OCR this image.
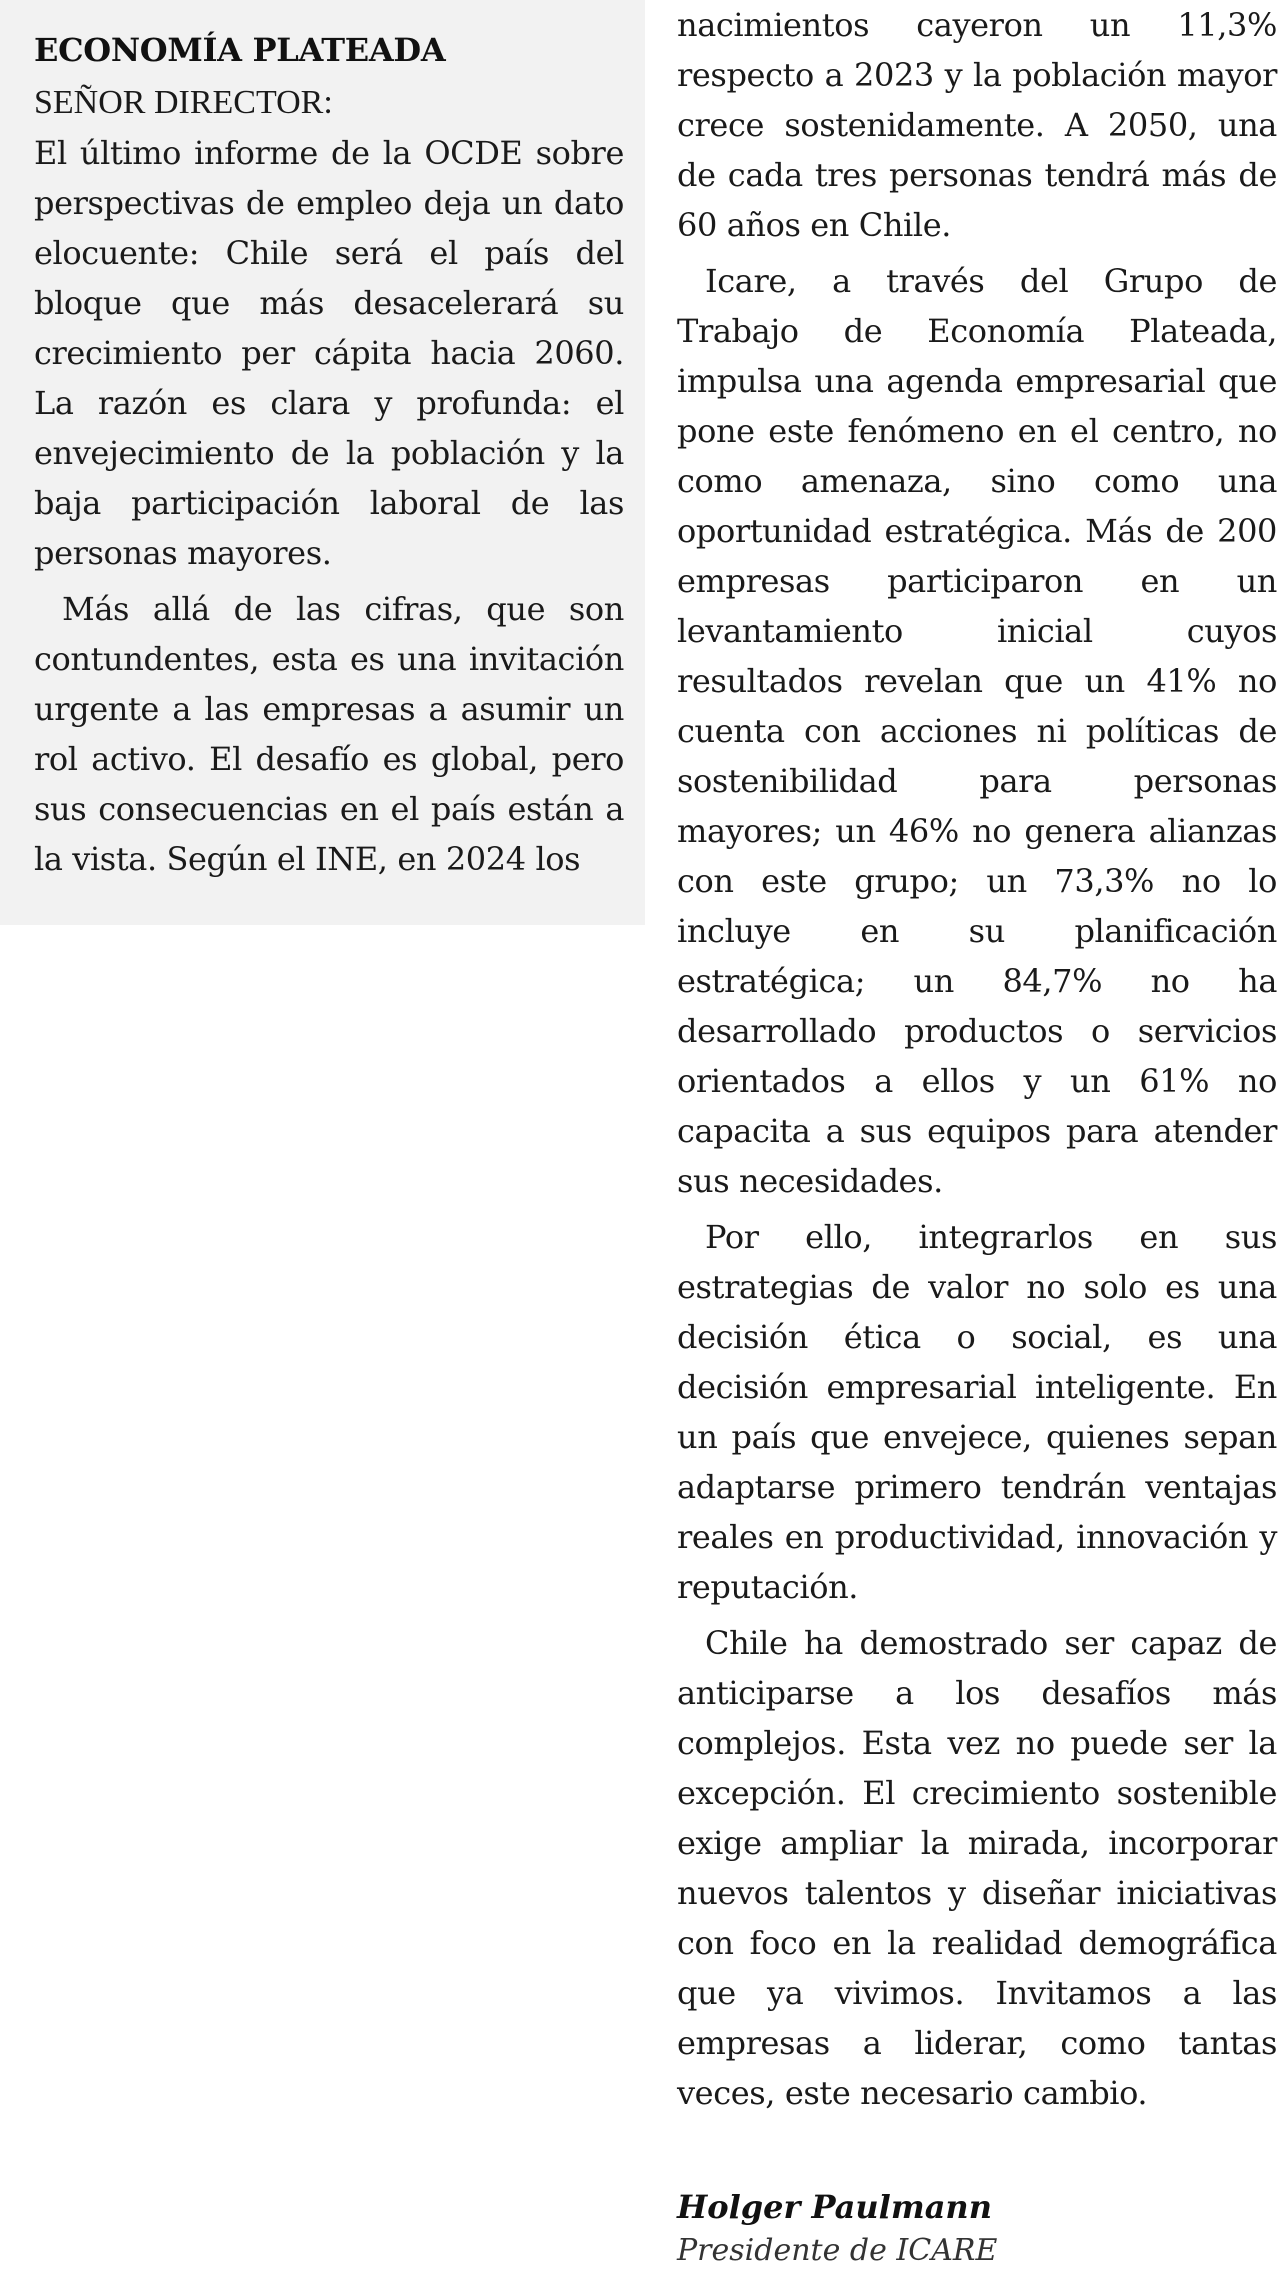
ECONOMÍA PLATEADA

SEÑOR DIRECTOR:

El último informe de la OCDE sobre perspectivas de empleo deja un dato elocuente: Chile será el país del bloque que más desacelerará su crecimiento per cápita hacia 2060. La razón es clara y profunda: el envejecimiento de la población y la baja participación laboral de las personas mayores.

Más allá de las cifras, que son contundentes, esta es una invitación urgente a las empresas a asumir un rol activo. El desafío es global, pero sus consecuencias en el país están a la vista. Según el INE, en 2024 los

nacimientos cayeron un 11,3% respecto a 2023 y la población mayor crece sostenidamente. A 2050, una de cada tres personas tendrá más de 60 años en Chile.

Icare, a través del Grupo de Trabajo de Economía Plateada, impulsa una agenda empresarial que pone este fenómeno en el centro, no como amenaza, sino como una oportunidad estratégica. Más de 200 empresas participaron en un levantamiento inicial cuyos resultados revelan que un 41% no cuenta con acciones ni políticas de sostenibilidad para personas mayores; un 46% no genera alianzas con este grupo; un 73,3% no lo incluye en su planificación estratégica; un 84,7% no ha desarrollado productos o servicios orientados a ellos y un 61% no capacita a sus equipos para atender sus necesidades.

Por ello, integrarlos en sus estrategias de valor no solo es una decisión ética o social, es una decisión empresarial inteligente. En un país que envejece, quienes sepan adaptarse primero tendrán ventajas reales en productividad, innovación y reputación.

Chile ha demostrado ser capaz de anticiparse a los desafíos más complejos. Esta vez no puede ser la excepción. El crecimiento sostenible exige ampliar la mirada, incorporar nuevos talentos y diseñar iniciativas con foco en la realidad demográfica que ya vivimos. Invitamos a las empresas a liderar, como tantas veces, este necesario cambio.

Holger Paulmann

Presidente de ICARE
